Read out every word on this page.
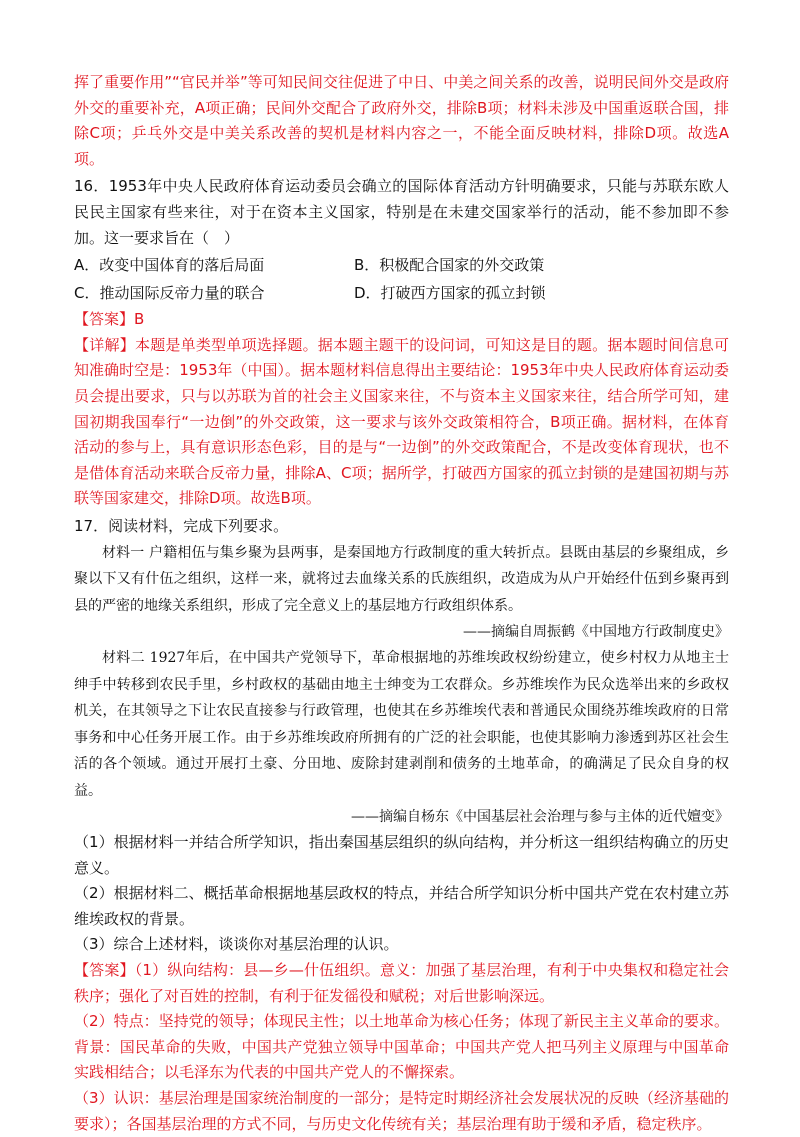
挥了重要作用”“官民并举”等可知民间交往促进了中日、中美之间关系的改善，说明民间外交是政府外交的重要补充，A项正确；民间外交配合了政府外交，排除B项；材料未涉及中国重返联合国，排除C项；乒乓外交是中美关系改善的契机是材料内容之一，不能全面反映材料，排除D项。故选A项。

16．1953年中央人民政府体育运动委员会确立的国际体育活动方针明确要求，只能与苏联东欧人民民主国家有些来往，对于在资本主义国家，特别是在未建交国家举行的活动，能不参加即不参加。这一要求旨在（　）

A．改变中国体育的落后局面	B．积极配合国家的外交政策
C．推动国际反帝力量的联合	D．打破西方国家的孤立封锁

【答案】B

【详解】本题是单类型单项选择题。据本题主题干的设问词，可知这是目的题。据本题时间信息可知准确时空是：1953年（中国）。据本题材料信息得出主要结论：1953年中央人民政府体育运动委员会提出要求，只与以苏联为首的社会主义国家来往，不与资本主义国家来往，结合所学可知，建国初期我国奉行“一边倒”的外交政策，这一要求与该外交政策相符合，B项正确。据材料，在体育活动的参与上，具有意识形态色彩，目的是与“一边倒”的外交政策配合，不是改变体育现状，也不是借体育活动来联合反帝力量，排除A、C项；据所学，打破西方国家的孤立封锁的是建国初期与苏联等国家建交，排除D项。故选B项。

17．阅读材料，完成下列要求。

材料一 户籍相伍与集乡聚为县两事，是秦国地方行政制度的重大转折点。县既由基层的乡聚组成，乡聚以下又有什伍之组织，这样一来，就将过去血缘关系的氏族组织，改造成为从户开始经什伍到乡聚再到县的严密的地缘关系组织，形成了完全意义上的基层地方行政组织体系。

——摘编自周振鹤《中国地方行政制度史》

材料二 1927年后，在中国共产党领导下，革命根据地的苏维埃政权纷纷建立，使乡村权力从地主士绅手中转移到农民手里，乡村政权的基础由地主士绅变为工农群众。乡苏维埃作为民众选举出来的乡政权机关，在其领导之下让农民直接参与行政管理，也使其在乡苏维埃代表和普通民众围绕苏维埃政府的日常事务和中心任务开展工作。由于乡苏维埃政府所拥有的广泛的社会职能，也使其影响力渗透到苏区社会生活的各个领域。通过开展打土豪、分田地、废除封建剥削和债务的土地革命，的确满足了民众自身的权益。

——摘编自杨东《中国基层社会治理与参与主体的近代嬗变》

（1）根据材料一并结合所学知识，指出秦国基层组织的纵向结构，并分析这一组织结构确立的历史意义。

（2）根据材料二、概括革命根据地基层政权的特点，并结合所学知识分析中国共产党在农村建立苏维埃政权的背景。

（3）综合上述材料，谈谈你对基层治理的认识。

【答案】（1）纵向结构：县—乡—什伍组织。意义：加强了基层治理，有利于中央集权和稳定社会秩序；强化了对百姓的控制，有利于征发徭役和赋税；对后世影响深远。

（2）特点：坚持党的领导；体现民主性；以土地革命为核心任务；体现了新民主主义革命的要求。背景：国民革命的失败，中国共产党独立领导中国革命；中国共产党人把马列主义原理与中国革命实践相结合；以毛泽东为代表的中国共产党人的不懈探索。

（3）认识：基层治理是国家统治制度的一部分；是特定时期经济社会发展状况的反映（经济基础的要求）；各国基层治理的方式不同，与历史文化传统有关；基层治理有助于缓和矛盾，稳定秩序。
